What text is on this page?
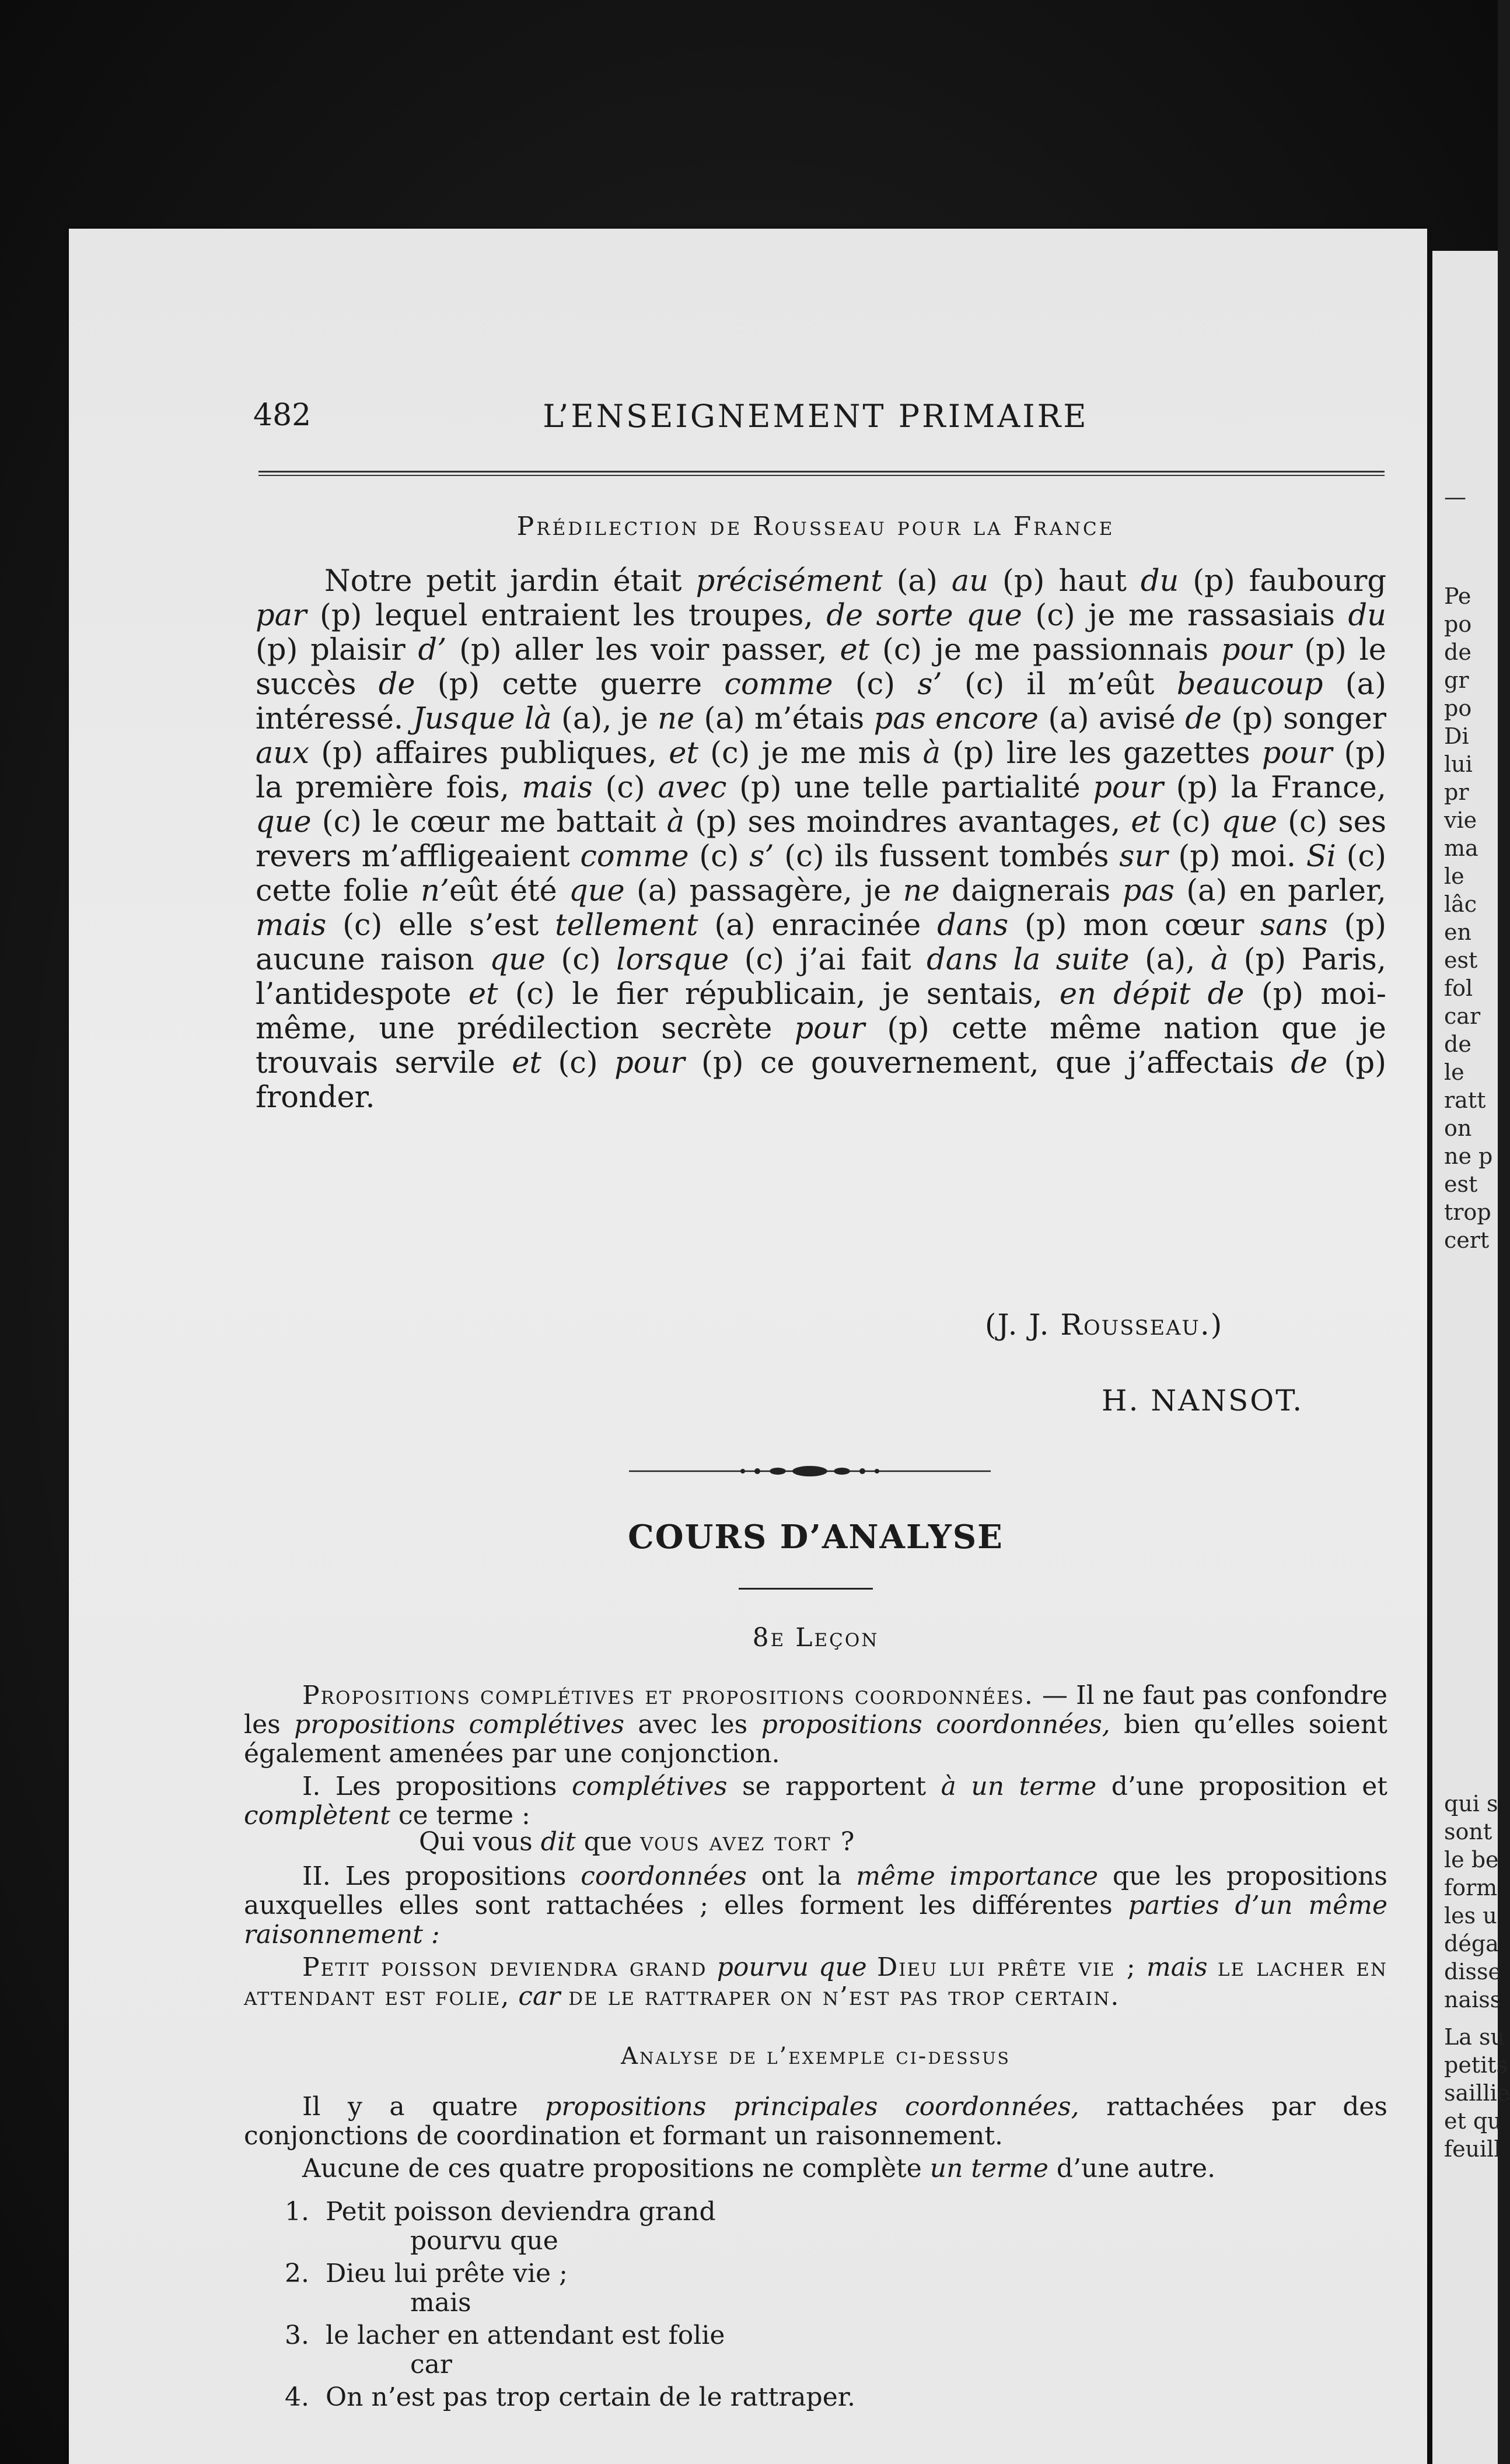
—
Pe
po
de
gr
po
Di
lui
pr
vie
ma
le
lâc
en
est
fol
car
de
le
ratt
on
ne p
est
trop
cert
qui s
sont
le be
form
les u
déga
disse
naiss
La su
petits
saillie
et qu
feuill
482	L’ENSEIGNEMENT PRIMAIRE
Prédilection de Rousseau pour la France

Notre petit jardin était précisément (a) au (p) haut du (p) faubourg par (p) lequel entraient les troupes, de sorte que (c) je me rassasiais du (p) plaisir d’ (p) aller les voir passer, et (c) je me passionnais pour (p) le succès de (p) cette guerre comme (c) s’ (c) il m’eût beaucoup (a) intéressé. Jusque là (a), je ne (a) m’étais pas encore (a) avisé de (p) songer aux (p) affaires publiques, et (c) je me mis à (p) lire les gazettes pour (p) la première fois, mais (c) avec (p) une telle partialité pour (p) la France, que (c) le cœur me battait à (p) ses moindres avantages, et (c) que (c) ses revers m’affligeaient comme (c) s’ (c) ils fussent tombés sur (p) moi. Si (c) cette folie n’eût été que (a) passagère, je ne daignerais pas (a) en parler, mais (c) elle s’est tellement (a) enracinée dans (p) mon cœur sans (p) aucune raison que (c) lorsque (c) j’ai fait dans la suite (a), à (p) Paris, l’antidespote et (c) le fier républicain, je sentais, en dépit de (p) moi-même, une prédilection secrète pour (p) cette même nation que je trouvais servile et (c) pour (p) ce gouvernement, que j’affectais de (p) fronder.

(J. J. Rousseau.)
H. NANSOT.
COURS D’ANALYSE
8e Leçon

Propositions complétives et propositions coordonnées. — Il ne faut pas confondre les propositions complétives avec les propositions coordonnées, bien qu’elles soient également amenées par une conjonction.

I. Les propositions complétives se rapportent à un terme d’une proposition et complètent ce terme :

Qui vous dit que vous avez tort ?

II. Les propositions coordonnées ont la même importance que les propositions auxquelles elles sont rattachées ; elles forment les différentes parties d’un même raisonnement :

Petit poisson deviendra grand pourvu que Dieu lui prête vie ; mais le lacher en attendant est folie, car de le rattraper on n’est pas trop certain.

Analyse de l’exemple ci-dessus

Il y a quatre propositions principales coordonnées, rattachées par des conjonctions de coordination et formant un raisonnement.

Aucune de ces quatre propositions ne complète un terme d’une autre.

1. Petit poisson deviendra grand
pourvu que
2. Dieu lui prête vie ;
mais
3. le lacher en attendant est folie
car
4. On n’est pas trop certain de le rattraper.
